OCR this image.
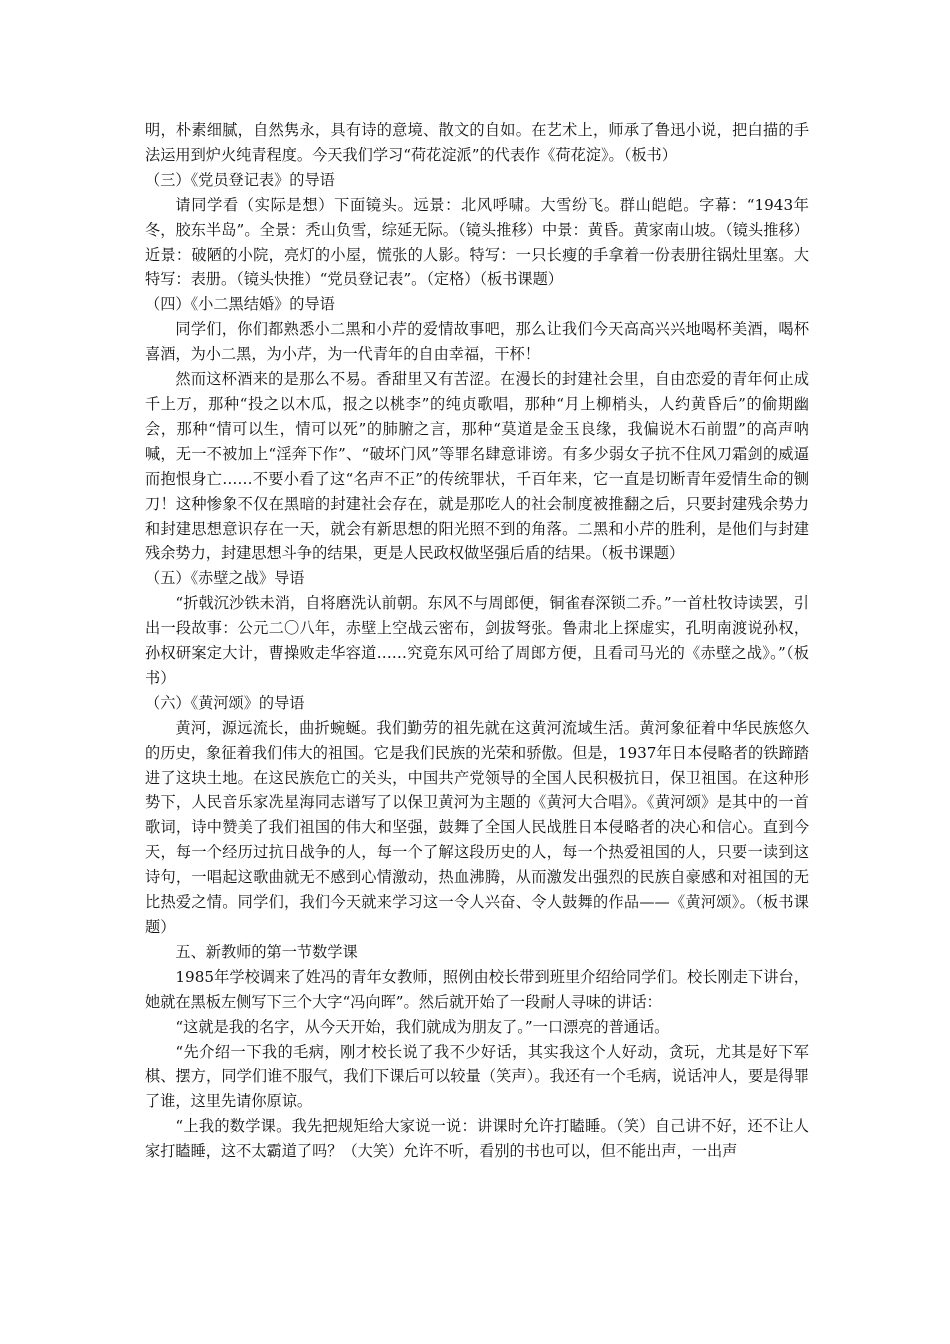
明，朴素细腻，自然隽永，具有诗的意境、散文的自如。在艺术上，师承了鲁迅小说，把白描的手法运用到炉火纯青程度。今天我们学习“荷花淀派”的代表作《荷花淀》。（板书）

（三）《党员登记表》的导语

请同学看（实际是想）下面镜头。远景：北风呼啸。大雪纷飞。群山皑皑。字幕：“1943年冬，胶东半岛”。全景：秃山负雪，综延无际。（镜头推移）中景：黄昏。黄家南山坡。（镜头推移）近景：破陋的小院，亮灯的小屋，慌张的人影。特写：一只长瘦的手拿着一份表册往锅灶里塞。大特写：表册。（镜头快推）“党员登记表”。（定格）（板书课题）

（四）《小二黑结婚》的导语

同学们，你们都熟悉小二黑和小芹的爱情故事吧，那么让我们今天高高兴兴地喝杯美酒，喝杯喜酒，为小二黑，为小芹，为一代青年的自由幸福，干杯！

然而这杯酒来的是那么不易。香甜里又有苦涩。在漫长的封建社会里，自由恋爱的青年何止成千上万，那种“投之以木瓜，报之以桃李”的纯贞歌唱，那种“月上柳梢头，人约黄昏后”的偷期幽会，那种“情可以生，情可以死”的肺腑之言，那种“莫道是金玉良缘，我偏说木石前盟”的高声呐喊，无一不被加上“淫奔下作”、“破坏门风”等罪名肆意诽谤。有多少弱女子抗不住风刀霜剑的威逼而抱恨身亡……不要小看了这“名声不正”的传统罪状，千百年来，它一直是切断青年爱情生命的铡刀！这种惨象不仅在黑暗的封建社会存在，就是那吃人的社会制度被推翻之后，只要封建残余势力和封建思想意识存在一天，就会有新思想的阳光照不到的角落。二黑和小芹的胜利，是他们与封建残余势力，封建思想斗争的结果，更是人民政权做坚强后盾的结果。（板书课题）

（五）《赤壁之战》导语

“折戟沉沙铁未消，自将磨洗认前朝。东风不与周郎便，铜雀春深锁二乔。”一首杜牧诗读罢，引出一段故事：公元二〇八年，赤壁上空战云密布，剑拔弩张。鲁肃北上探虚实，孔明南渡说孙权，孙权研案定大计，曹操败走华容道……究竟东风可给了周郎方便，且看司马光的《赤壁之战》。”（板书）

（六）《黄河颂》的导语

黄河，源远流长，曲折蜿蜒。我们勤劳的祖先就在这黄河流域生活。黄河象征着中华民族悠久的历史，象征着我们伟大的祖国。它是我们民族的光荣和骄傲。但是，1937年日本侵略者的铁蹄踏进了这块土地。在这民族危亡的关头，中国共产党领导的全国人民积极抗日，保卫祖国。在这种形势下，人民音乐家冼星海同志谱写了以保卫黄河为主题的《黄河大合唱》。《黄河颂》是其中的一首歌词，诗中赞美了我们祖国的伟大和坚强，鼓舞了全国人民战胜日本侵略者的决心和信心。直到今天，每一个经历过抗日战争的人，每一个了解这段历史的人，每一个热爱祖国的人，只要一读到这诗句，一唱起这歌曲就无不感到心情激动，热血沸腾，从而激发出强烈的民族自豪感和对祖国的无比热爱之情。同学们，我们今天就来学习这一令人兴奋、令人鼓舞的作品——《黄河颂》。（板书课题）

五、新教师的第一节数学课

1985年学校调来了姓冯的青年女教师，照例由校长带到班里介绍给同学们。校长刚走下讲台，她就在黑板左侧写下三个大字“冯向晖”。然后就开始了一段耐人寻味的讲话：

“这就是我的名字，从今天开始，我们就成为朋友了。”一口漂亮的普通话。

“先介绍一下我的毛病，刚才校长说了我不少好话，其实我这个人好动，贪玩，尤其是好下军棋、摆方，同学们谁不服气，我们下课后可以较量（笑声）。我还有一个毛病，说话冲人，要是得罪了谁，这里先请你原谅。

“上我的数学课。我先把规矩给大家说一说：讲课时允许打瞌睡。（笑）自己讲不好，还不让人家打瞌睡，这不太霸道了吗？（大笑）允许不听，看别的书也可以，但不能出声，一出声
